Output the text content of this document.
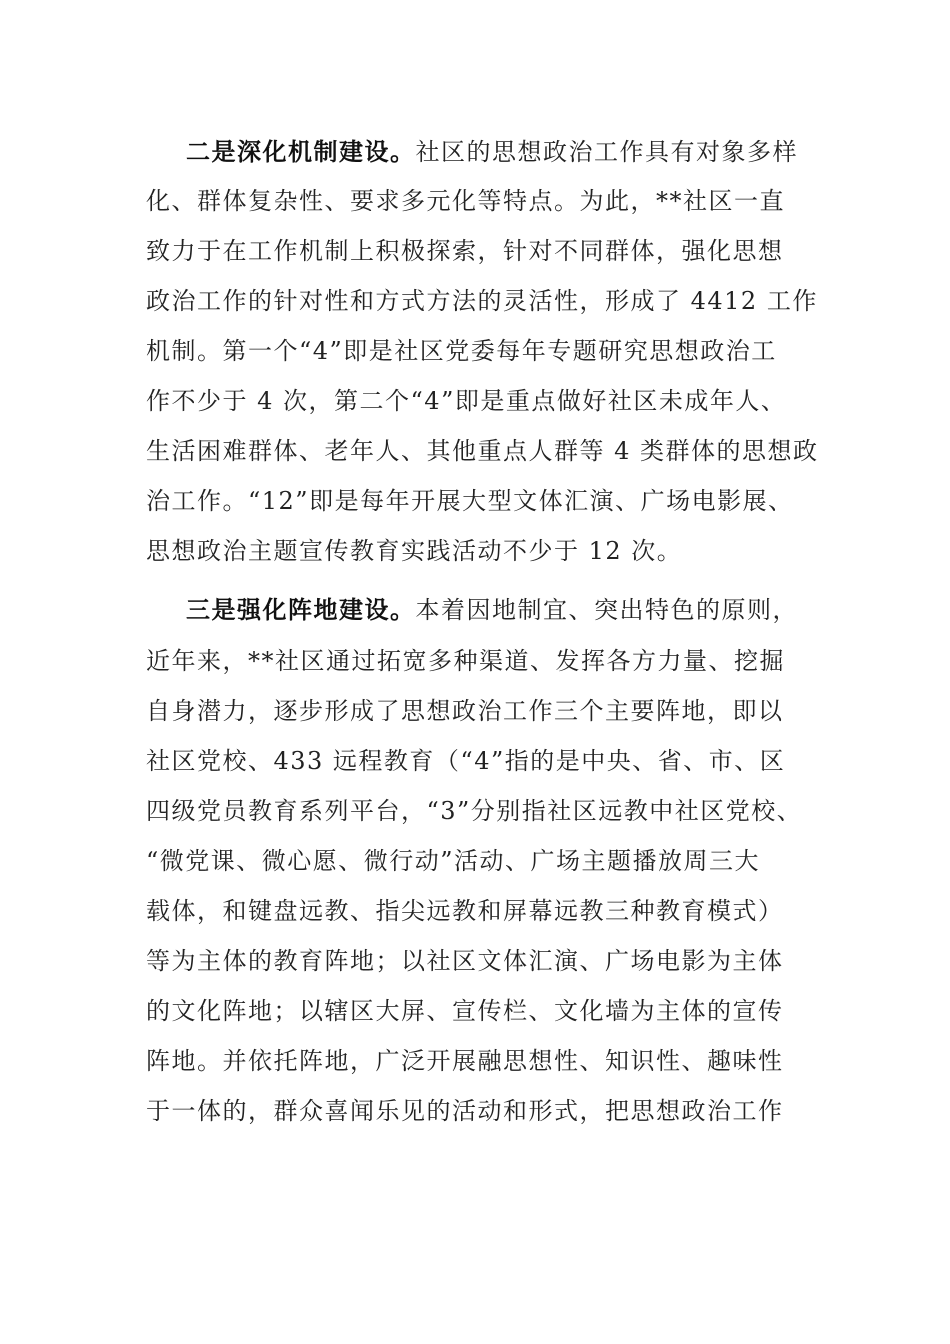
二是深化机制建设。社区的思想政治工作具有对象多样
化、群体复杂性、要求多元化等特点。为此，**社区一直
致力于在工作机制上积极探索，针对不同群体，强化思想
政治工作的针对性和方式方法的灵活性，形成了 4412 工作
机制。第一个“4”即是社区党委每年专题研究思想政治工
作不少于 4 次，第二个“4”即是重点做好社区未成年人、
生活困难群体、老年人、其他重点人群等 4 类群体的思想政
治工作。“12”即是每年开展大型文体汇演、广场电影展、
思想政治主题宣传教育实践活动不少于 12 次。
三是强化阵地建设。本着因地制宜、突出特色的原则，
近年来，**社区通过拓宽多种渠道、发挥各方力量、挖掘
自身潜力，逐步形成了思想政治工作三个主要阵地，即以
社区党校、433 远程教育（“4”指的是中央、省、市、区
四级党员教育系列平台，“3”分别指社区远教中社区党校、
“微党课、微心愿、微行动”活动、广场主题播放周三大
载体，和键盘远教、指尖远教和屏幕远教三种教育模式）
等为主体的教育阵地；以社区文体汇演、广场电影为主体
的文化阵地；以辖区大屏、宣传栏、文化墙为主体的宣传
阵地。并依托阵地，广泛开展融思想性、知识性、趣味性
于一体的，群众喜闻乐见的活动和形式，把思想政治工作
